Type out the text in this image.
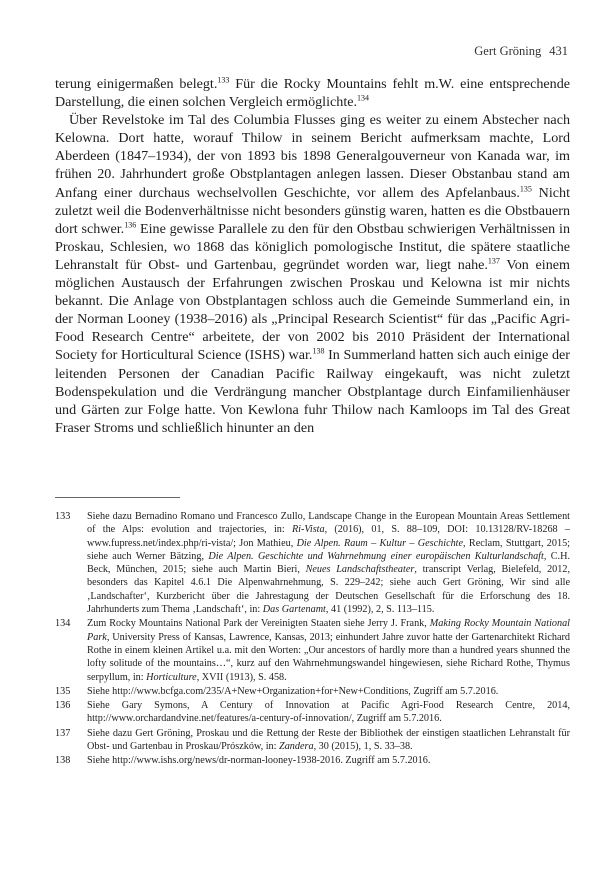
Gert Gröning 431

terung einigermaßen belegt.$^{133}$ Für die Rocky Mountains fehlt m.W. eine entsprechende Darstellung, die einen solchen Vergleich ermöglichte.$^{134}$

Über Revelstoke im Tal des Columbia Flusses ging es weiter zu einem Abstecher nach Kelowna. Dort hatte, worauf Thilow in seinem Bericht aufmerksam machte, Lord Aberdeen (1847–1934), der von 1893 bis 1898 Generalgouverneur von Kanada war, im frühen 20. Jahrhundert große Obstplantagen anlegen lassen. Dieser Obstanbau stand am Anfang einer durchaus wechselvollen Geschichte, vor allem des Apfelanbaus.$^{135}$ Nicht zuletzt weil die Bodenverhältnisse nicht besonders günstig waren, hatten es die Obstbauern dort schwer.$^{136}$ Eine gewisse Parallele zu den für den Obstbau schwierigen Verhältnissen in Proskau, Schlesien, wo 1868 das königlich pomologische Institut, die spätere staatliche Lehranstalt für Obst- und Gartenbau, gegründet worden war, liegt nahe.$^{137}$ Von einem möglichen Austausch der Erfahrungen zwischen Proskau und Kelowna ist mir nichts bekannt. Die Anlage von Obstplantagen schloss auch die Gemeinde Summerland ein, in der Norman Looney (1938–2016) als „Principal Research Scientist“ für das „Pacific Agri-Food Research Centre“ arbeitete, der von 2002 bis 2010 Präsident der International Society for Horticultural Science (ISHS) war.$^{138}$ In Summerland hatten sich auch einige der leitenden Personen der Canadian Pacific Railway eingekauft, was nicht zuletzt Bodenspekulation und die Verdrängung mancher Obstplantage durch Einfamilienhäuser und Gärten zur Folge hatte. Von Kewlona fuhr Thilow nach Kamloops im Tal des Great Fraser Stroms und schließlich hinunter an den

133 Siehe dazu Bernadino Romano und Francesco Zullo, Landscape Change in the European Mountain Areas Settlement of the Alps: evolution and trajectories, in: Ri-Vista, (2016), 01, S. 88–109, DOI: 10.13128/RV-18268 – www.fupress.net/index.php/ri-vista/; Jon Mathieu, Die Alpen. Raum – Kultur – Geschichte, Reclam, Stuttgart, 2015; siehe auch Werner Bätzing, Die Alpen. Geschichte und Wahrnehmung einer europäischen Kulturlandschaft, C.H. Beck, München, 2015; siehe auch Martin Bieri, Neues Landschaftstheater, transcript Verlag, Bielefeld, 2012, besonders das Kapitel 4.6.1 Die Alpenwahrnehmung, S. 229–242; siehe auch Gert Gröning, Wir sind alle ‚Landschafter‘, Kurzbericht über die Jahrestagung der Deutschen Gesellschaft für die Erforschung des 18. Jahrhunderts zum Thema ‚Landschaft‘, in: Das Gartenamt, 41 (1992), 2, S. 113–115.
134 Zum Rocky Mountains National Park der Vereinigten Staaten siehe Jerry J. Frank, Making Rocky Mountain National Park, University Press of Kansas, Lawrence, Kansas, 2013; einhundert Jahre zuvor hatte der Gartenarchitekt Richard Rothe in einem kleinen Artikel u.a. mit den Worten: „Our ancestors of hardly more than a hundred years shunned the lofty solitude of the mountains…“, kurz auf den Wahrnehmungswandel hingewiesen, siehe Richard Rothe, Thymus serpyllum, in: Horticulture, XVII (1913), S. 458.
135 Siehe http://www.bcfga.com/235/A+New+Organization+for+New+Conditions, Zugriff am 5.7.2016.
136 Siehe Gary Symons, A Century of Innovation at Pacific Agri-Food Research Centre, 2014, http://www.orchardandvine.net/features/a-century-of-innovation/, Zugriff am 5.7.2016.
137 Siehe dazu Gert Gröning, Proskau und die Rettung der Reste der Bibliothek der einstigen staatlichen Lehranstalt für Obst- und Gartenbau in Proskau/Prószków, in: Zandera, 30 (2015), 1, S. 33–38.
138 Siehe http://www.ishs.org/news/dr-norman-looney-1938-2016. Zugriff am 5.7.2016.
